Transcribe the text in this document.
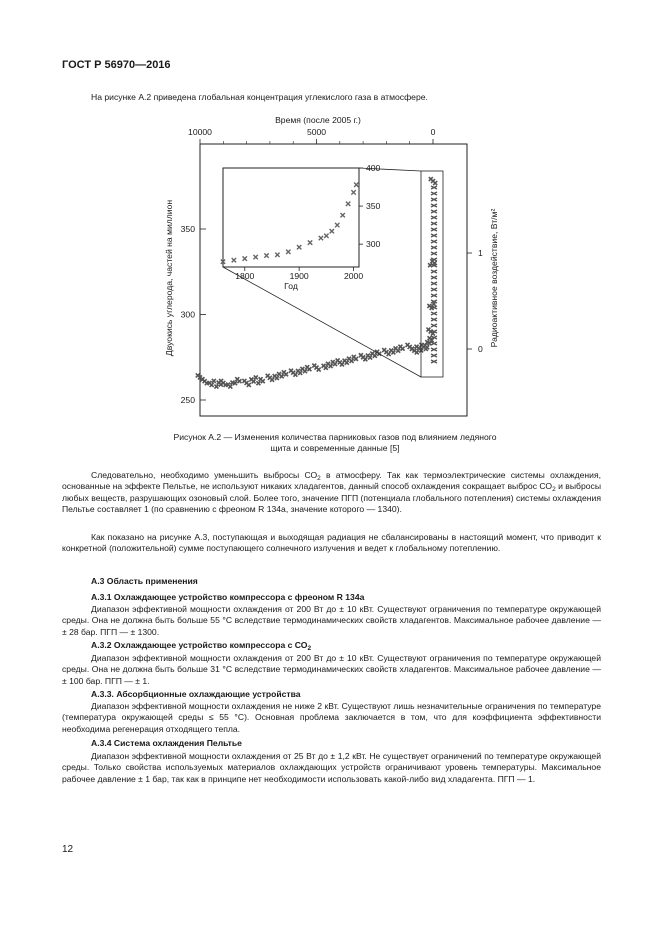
ГОСТ Р 56970—2016
На рисунке А.2 приведена глобальная концентрация углекислого газа в атмосфере.
10000	5000	0
Время (после 2005 г.)
250
300
350
0
1
Двуокись углерода, частей на миллион	Радиоактивное воздействие, Вт/м²
1800	1900	2000
300
350
400
Год
Рисунок А.2 — Изменения количества парниковых газов под влиянием ледяного
щита и современные данные [5]
Следовательно, необходимо уменьшить выбросы $СО_2$ в атмосферу. Так как термоэлектрические системы охлаждения, основанные на эффекте Пельтье, не используют никаких хладагентов, данный способ охлаждения сокращает выброс $СО_2$ и выбросы любых веществ, разрушающих озоновый слой. Более того, значение ПГП (потенциала глобального потепления) системы охлаждения Пельтье составляет 1 (по сравнению с фреоном R 134а, значение которого — 1340).
Как показано на рисунке А.3, поступающая и выходящая радиация не сбалансированы в настоящий момент, что приводит к конкретной (положительной) сумме поступающего солнечного излучения и ведет к глобальному потеплению.
А.3 Область применения
А.3.1 Охлаждающее устройство компрессора с фреоном R 134а
Диапазон эффективной мощности охлаждения от 200 Вт до ± 10 кВт. Существуют ограничения по температуре окружающей среды. Она не должна быть больше 55 °С вследствие термодинамических свойств хладагентов. Максимальное рабочее давление — ± 28 бар. ПГП — ± 1300.
А.3.2 Охлаждающее устройство компрессора с $СО_2$
Диапазон эффективной мощности охлаждения от 200 Вт до ± 10 кВт. Существуют ограничения по температуре окружающей среды. Она не должна быть больше 31 °С вследствие термодинамических свойств хладагентов. Максимальное рабочее давление — ± 100 бар. ПГП — ± 1.
А.3.3. Абсорбционные охлаждающие устройства
Диапазон эффективной мощности охлаждения не ниже 2 кВт. Существуют лишь незначительные ограничения по температуре (температура окружающей среды ≤ 55 °С). Основная проблема заключается в том, что для коэффициента эффективности необходима регенерация отходящего тепла.
А.3.4 Система охлаждения Пельтье
Диапазон эффективной мощности охлаждения от 25 Вт до ± 1,2 кВт. Не существует ограничений по температуре окружающей среды. Только свойства используемых материалов охлаждающих устройств ограничивают уровень температуры. Максимальное рабочее давление ± 1 бар, так как в принципе нет необходимости использовать какой-либо вид хладагента. ПГП — 1.
12
